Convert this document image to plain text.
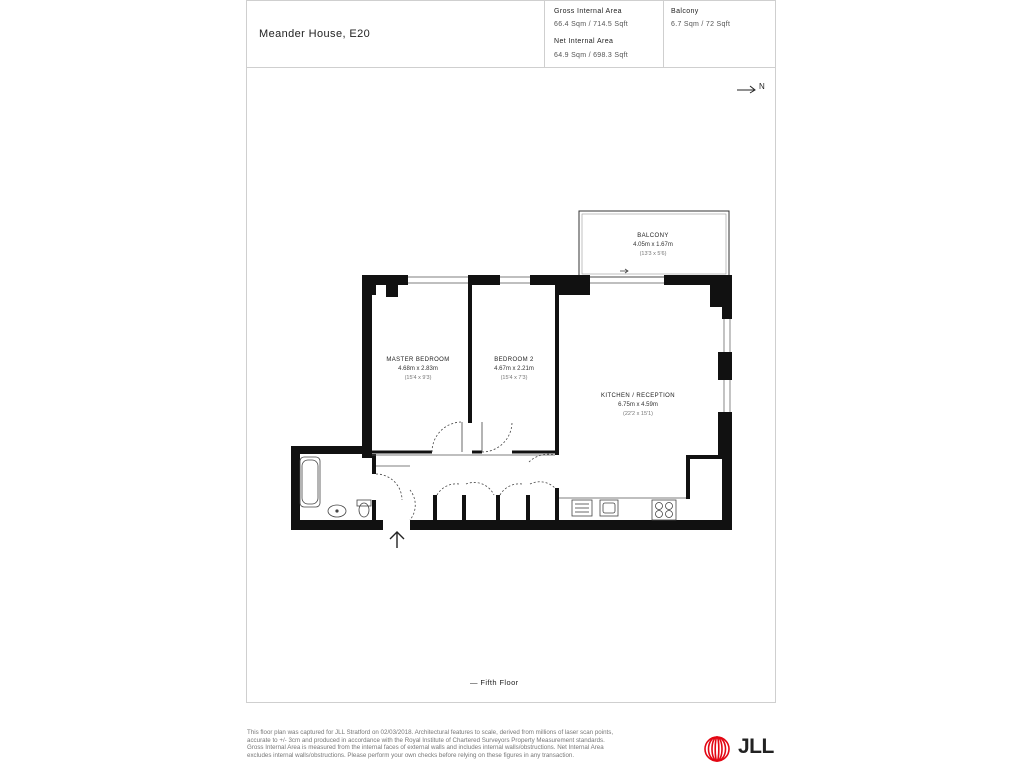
Meander House, E20
Gross Internal Area
66.4 Sqm / 714.5 Sqft
Net Internal Area
64.9 Sqm / 698.3 Sqft
Balcony
6.7 Sqm / 72 Sqft
N
BALCONY
4.05m x 1.67m
(13'3 x 5'6)
MASTER BEDROOM
4.68m x 2.83m
(15'4 x 9'3)
BEDROOM 2
4.67m x 2.21m
(15'4 x 7'3)
KITCHEN / RECEPTION
6.75m x 4.59m
(22'2 x 15'1)
— Fifth Floor
This floor plan was captured for JLL Stratford on 02/03/2018. Architectural features to scale, derived from millions of laser scan points, accurate to +/- 3cm and produced in accordance with the Royal Institute of Chartered Surveyors Property Measurement standards. Gross Internal Area is measured from the internal faces of external walls and includes internal walls/obstructions. Net Internal Area excludes internal walls/obstructions. Please perform your own checks before relying on these figures in any transaction.	JLL
